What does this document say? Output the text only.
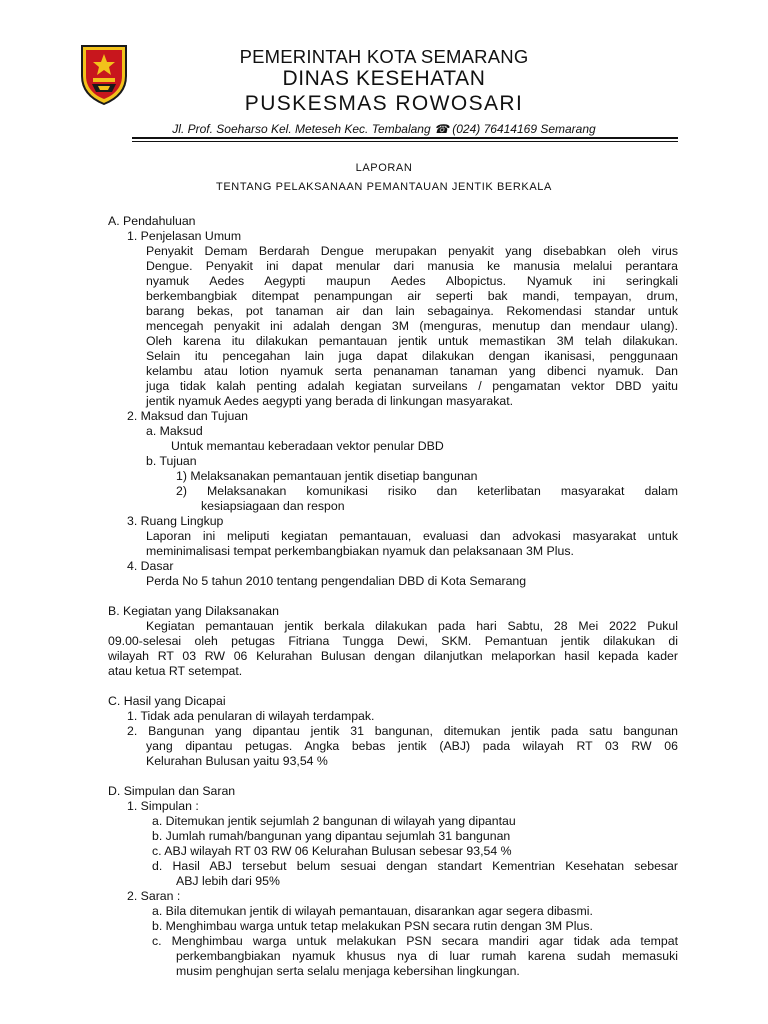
PEMERINTAH KOTA SEMARANG
DINAS KESEHATAN
PUSKESMAS ROWOSARI
Jl. Prof. Soeharso Kel. Meteseh Kec. Tembalang ☎ (024) 76414169 Semarang
LAPORAN
TENTANG PELAKSANAAN PEMANTAUAN JENTIK BERKALA
A. Pendahuluan
1. Penjelasan Umum
Penyakit Demam Berdarah Dengue merupakan penyakit yang disebabkan oleh virus
Dengue. Penyakit ini dapat menular dari manusia ke manusia melalui perantara
nyamuk Aedes Aegypti maupun Aedes Albopictus. Nyamuk ini seringkali
berkembangbiak ditempat penampungan air seperti bak mandi, tempayan, drum,
barang bekas, pot tanaman air dan lain sebagainya. Rekomendasi standar untuk
mencegah penyakit ini adalah dengan 3M (menguras, menutup dan mendaur ulang).
Oleh karena itu dilakukan pemantauan jentik untuk memastikan 3M telah dilakukan.
Selain itu pencegahan lain juga dapat dilakukan dengan ikanisasi, penggunaan
kelambu atau lotion nyamuk serta penanaman tanaman yang dibenci nyamuk. Dan
juga tidak kalah penting adalah kegiatan surveilans / pengamatan vektor DBD yaitu
jentik nyamuk Aedes aegypti yang berada di linkungan masyarakat.
2. Maksud dan Tujuan
a. Maksud
Untuk memantau keberadaan vektor penular DBD
b. Tujuan
1) Melaksanakan pemantauan jentik disetiap bangunan
2) Melaksanakan komunikasi risiko dan keterlibatan masyarakat dalam
kesiapsiagaan dan respon
3. Ruang Lingkup
Laporan ini meliputi kegiatan pemantauan, evaluasi dan advokasi masyarakat untuk
meminimalisasi tempat perkembangbiakan nyamuk dan pelaksanaan 3M Plus.
4. Dasar
Perda No 5 tahun 2010 tentang pengendalian DBD di Kota Semarang
B. Kegiatan yang Dilaksanakan
Kegiatan pemantauan jentik berkala dilakukan pada hari Sabtu, 28 Mei 2022 Pukul
09.00-selesai oleh petugas Fitriana Tungga Dewi, SKM. Pemantuan jentik dilakukan di
wilayah RT 03 RW 06 Kelurahan Bulusan dengan dilanjutkan melaporkan hasil kepada kader
atau ketua RT setempat.
C. Hasil yang Dicapai
1. Tidak ada penularan di wilayah terdampak.
2. Bangunan yang dipantau jentik 31 bangunan, ditemukan jentik pada satu bangunan
yang dipantau petugas. Angka bebas jentik (ABJ) pada wilayah RT 03 RW 06
Kelurahan Bulusan yaitu 93,54 %
D. Simpulan dan Saran
1. Simpulan :
a. Ditemukan jentik sejumlah 2 bangunan di wilayah yang dipantau
b. Jumlah rumah/bangunan yang dipantau sejumlah 31 bangunan
c. ABJ wilayah RT 03 RW 06 Kelurahan Bulusan sebesar 93,54 %
d. Hasil ABJ tersebut belum sesuai dengan standart Kementrian Kesehatan sebesar
ABJ lebih dari 95%
2. Saran :
a. Bila ditemukan jentik di wilayah pemantauan, disarankan agar segera dibasmi.
b. Menghimbau warga untuk tetap melakukan PSN secara rutin dengan 3M Plus.
c. Menghimbau warga untuk melakukan PSN secara mandiri agar tidak ada tempat
perkembangbiakan nyamuk khusus nya di luar rumah karena sudah memasuki
musim penghujan serta selalu menjaga kebersihan lingkungan.
